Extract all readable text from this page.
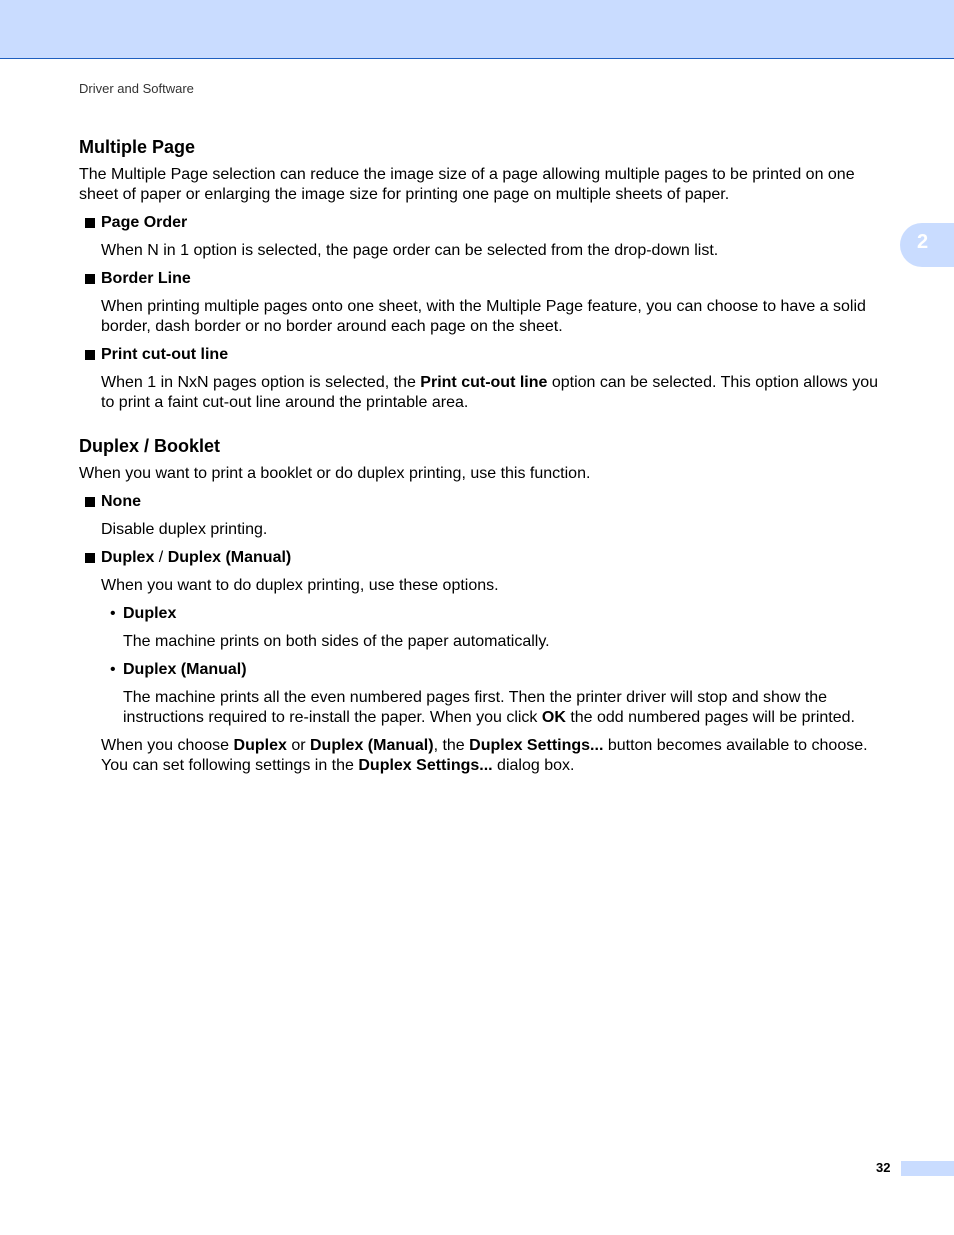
Driver and Software
2
Multiple Page

The Multiple Page selection can reduce the image size of a page allowing multiple pages to be printed on one sheet of paper or enlarging the image size for printing one page on multiple sheets of paper.

Page Order
When N in 1 option is selected, the page order can be selected from the drop-down list.
Border Line
When printing multiple pages onto one sheet, with the Multiple Page feature, you can choose to have a solid border, dash border or no border around each page on the sheet.
Print cut-out line
When 1 in NxN pages option is selected, the Print cut-out line option can be selected. This option allows you to print a faint cut-out line around the printable area.
Duplex / Booklet

When you want to print a booklet or do duplex printing, use this function.

None
Disable duplex printing.
Duplex / Duplex (Manual)
When you want to do duplex printing, use these options.
• Duplex
The machine prints on both sides of the paper automatically.
• Duplex (Manual)
The machine prints all the even numbered pages first. Then the printer driver will stop and show the instructions required to re-install the paper. When you click OK the odd numbered pages will be printed.
When you choose Duplex or Duplex (Manual), the Duplex Settings... button becomes available to choose. You can set following settings in the Duplex Settings... dialog box.
32
